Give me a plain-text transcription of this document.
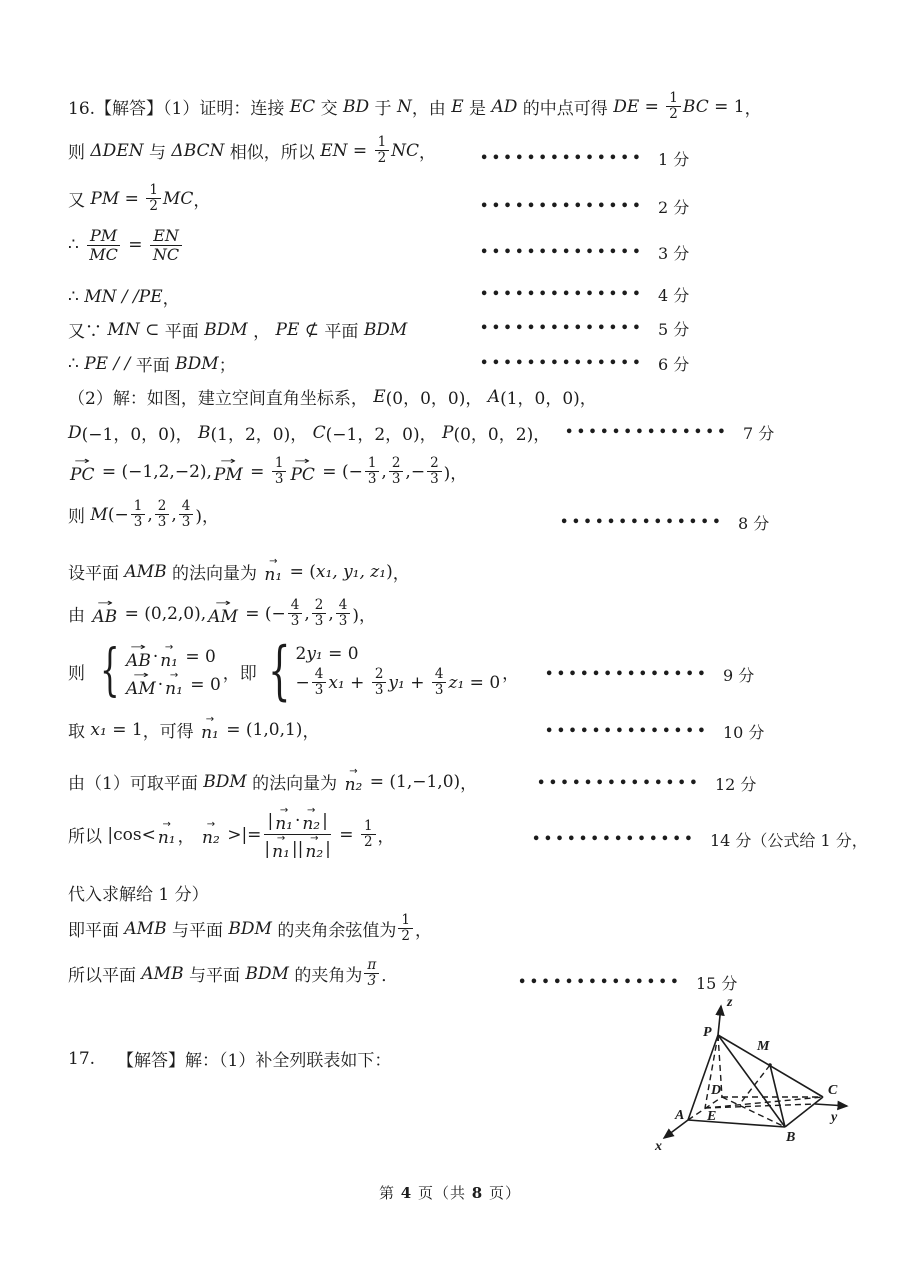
16.【解答】（1）证明：连接 EC 交 BD 于 N ，由 E 是 AD 的中点可得 DE = $\frac{1}{2}$ BC = 1 ，
则 ΔDEN 与 ΔBCN 相似，所以 EN = $\frac{1}{2}$ NC ，
又 PM = $\frac{1}{2}$ MC ，
∴ $\frac{PM}{MC} = \frac{EN}{NC}$
∴ MN / /PE ，
又∵ MN ⊂ 平面 BDM ， PE ⊄ 平面 BDM
∴ PE / / 平面 BDM ；
（2）解：如图，建立空间直角坐标系， E (0，0，0)， A (1，0，0)，
D (−1，0，0)， B (1，2，0)， C (−1，2，0)， P (0，0，2)，
→
PC = (−1,2,−2), →
PM = $\frac{1}{3}$ →
PC = (− $\frac{1}{3}$ , $\frac{2}{3}$ ,− $\frac{2}{3}$ )，
则 M (− $\frac{1}{3}$ , $\frac{2}{3}$ , $\frac{4}{3}$ )，
设平面 AMB 的法向量为
→
n₁ = ( x₁, y₁, z₁ ) ，
由
→
AB = (0,2,0), →
AM = (− $\frac{4}{3}$ , $\frac{2}{3}$ , $\frac{4}{3}$ )，
则 { →
AB · →
n₁ = 0
→
AM · →
n₁ = 0
，即 { 2 y₁ = 0
− $\frac{4}{3} x_1 + \frac{2}{3} y_1 + \frac{4}{3} z_1 = 0$ ，
取 x₁ = 1 ，可得
→
n₁ = (1,0,1) ，
由（1）可取平面 BDM 的法向量为
→
n₂ = (1,−1,0) ，
所以 |cos< →
n₁ ，
→
n₂ >|= | →
n₁ · →
n₂ |
| →
n₁ || →
n₂ | = $\frac{1}{2}$ ，
代入求解给 1 分）
即平面 AMB 与平面 BDM 的夹角余弦值为 $\frac{1}{2}$ ，
所以平面 AMB 与平面 BDM 的夹角为 $\frac{\pi}{3}$ ．
17. 【解答】解：（1）补全列联表如下：
•••••••••••••• 1 分
•••••••••••••• 2 分
•••••••••••••• 3 分
•••••••••••••• 4 分
•••••••••••••• 5 分
•••••••••••••• 6 分
•••••••••••••• 7 分
•••••••••••••• 8 分
•••••••••••••• 9 分
•••••••••••••• 10 分
•••••••••••••• 12 分
•••••••••••••• 14 分（公式给 1 分，
•••••••••••••• 15 分
z
P
M
C
y
B
A E
D
x
第 4 页（共 8 页）
